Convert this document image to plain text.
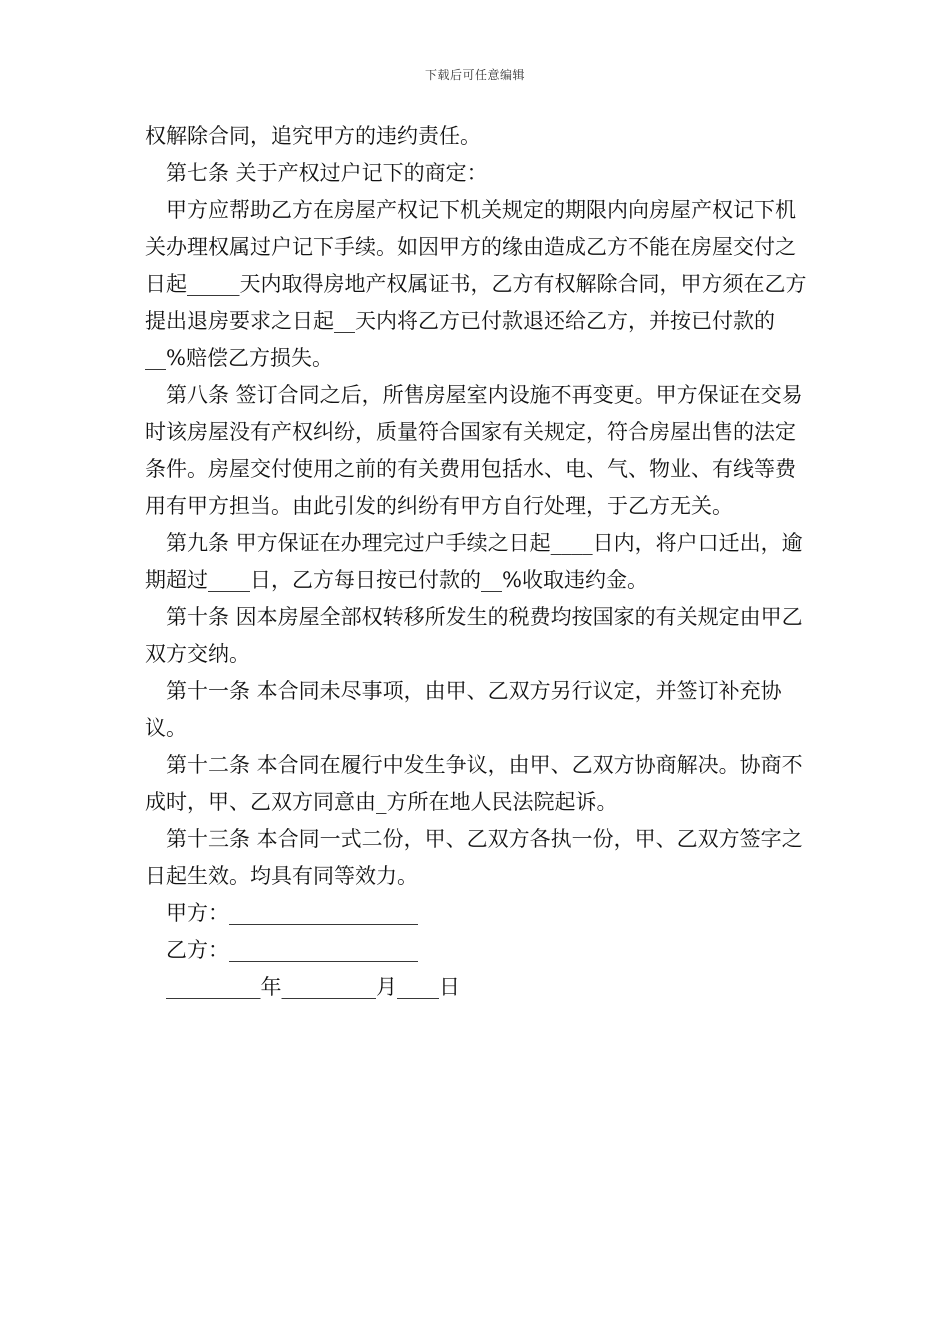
下载后可任意编辑

权解除合同，追究甲方的违约责任。

第七条 关于产权过户记下的商定：

甲方应帮助乙方在房屋产权记下机关规定的期限内向房屋产权记下机关办理权属过户记下手续。如因甲方的缘由造成乙方不能在房屋交付之日起_____天内取得房地产权属证书，乙方有权解除合同，甲方须在乙方提出退房要求之日起__天内将乙方已付款退还给乙方，并按已付款的__%赔偿乙方损失。

第八条 签订合同之后，所售房屋室内设施不再变更。甲方保证在交易时该房屋没有产权纠纷，质量符合国家有关规定，符合房屋出售的法定条件。房屋交付使用之前的有关费用包括水、电、气、物业、有线等费用有甲方担当。由此引发的纠纷有甲方自行处理，于乙方无关。

第九条 甲方保证在办理完过户手续之日起____日内，将户口迁出，逾期超过____日，乙方每日按已付款的__%收取违约金。

第十条 因本房屋全部权转移所发生的税费均按国家的有关规定由甲乙双方交纳。

第十一条 本合同未尽事项，由甲、乙双方另行议定，并签订补充协议。

第十二条 本合同在履行中发生争议，由甲、乙双方协商解决。协商不成时，甲、乙双方同意由_方所在地人民法院起诉。

第十三条 本合同一式二份，甲、乙双方各执一份，甲、乙双方签字之日起生效。均具有同等效力。

甲方：__________________

乙方：__________________

_________年_________月____日
